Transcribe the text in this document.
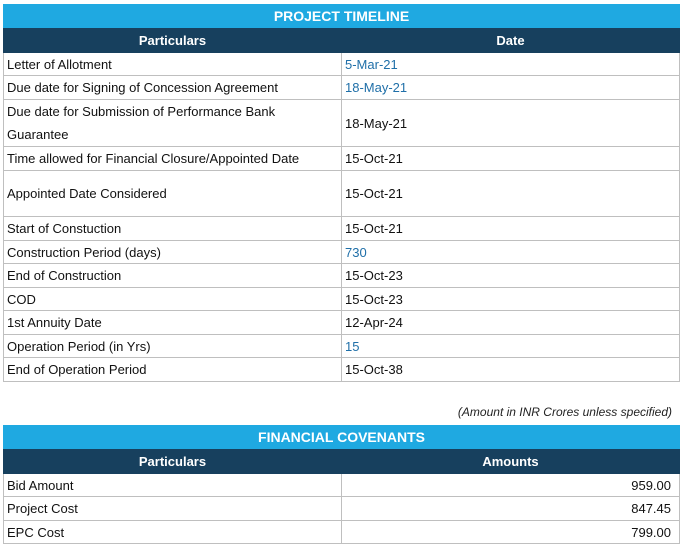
PROJECT TIMELINE	
Particulars	Date
Letter of Allotment	5-Mar-21
Due date for Signing of Concession Agreement	18-May-21
Due date for Submission of Performance Bank Guarantee	18-May-21
Time allowed for Financial Closure/Appointed Date	15-Oct-21
Appointed Date Considered	15-Oct-21
Start of Constuction	15-Oct-21
Construction Period (days)	730
End of Construction	15-Oct-23
COD	15-Oct-23
1st Annuity Date	12-Apr-24
Operation Period (in Yrs)	15
End of Operation Period	15-Oct-38
(Amount in INR Crores unless specified)
FINANCIAL COVENANTS	
Particulars	Amounts
Bid Amount	959.00
Project Cost	847.45
EPC Cost	799.00
